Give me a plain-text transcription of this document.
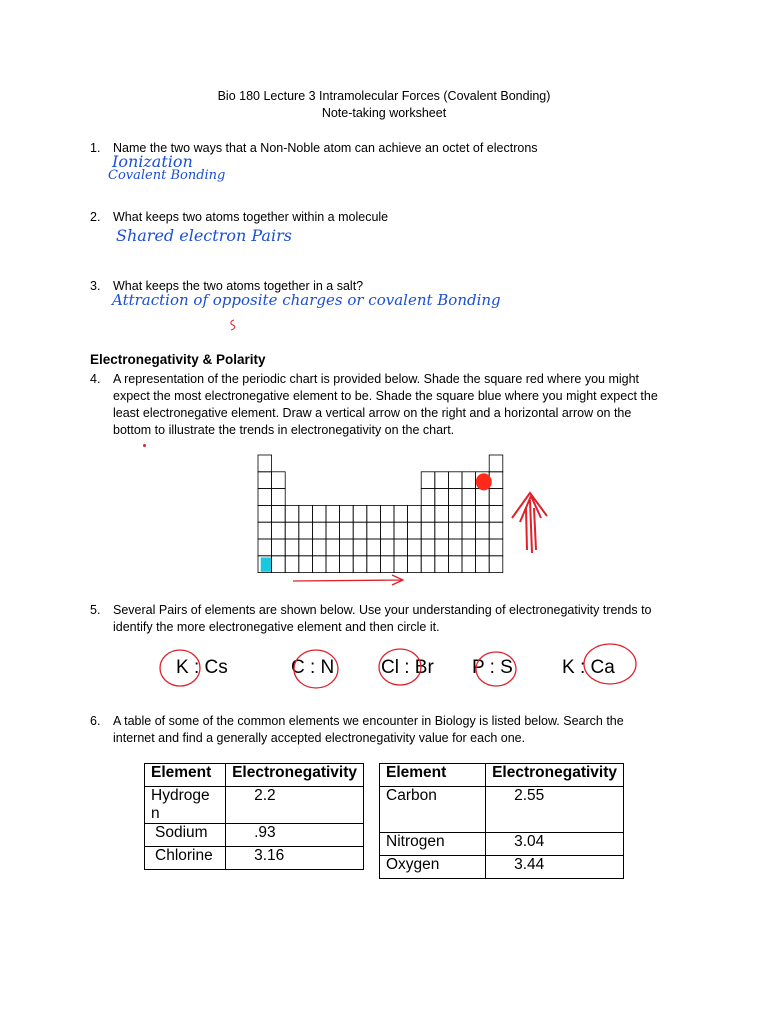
Bio 180 Lecture 3 Intramolecular Forces (Covalent Bonding)
Note-taking worksheet
1. Name the two ways that a Non-Noble atom can achieve an octet of electrons
Ionization
Covalent Bonding
2. What keeps two atoms together within a molecule
Shared electron Pairs
3. What keeps the two atoms together in a salt?
Attraction of opposite charges or covalent Bonding
Electronegativity & Polarity
4. A representation of the periodic chart is provided below. Shade the square red where you might
expect the most electronegative element to be. Shade the square blue where you might expect the
least electronegative element. Draw a vertical arrow on the right and a horizontal arrow on the
bottom to illustrate the trends in electronegativity on the chart.
5. Several Pairs of elements are shown below. Use your understanding of electronegativity trends to
identify the more electronegative element and then circle it.
K : Cs	C : N Cl : Br P : S	K : Ca
6. A table of some of the common elements we encounter in Biology is listed below. Search the
internet and find a generally accepted electronegativity value for each one.
Element	Electronegativity
Hydroge
n	2.2
Sodium	.93
Chlorine	3.16
Element	Electronegativity
Carbon	2.55
Nitrogen	3.04
Oxygen	3.44
